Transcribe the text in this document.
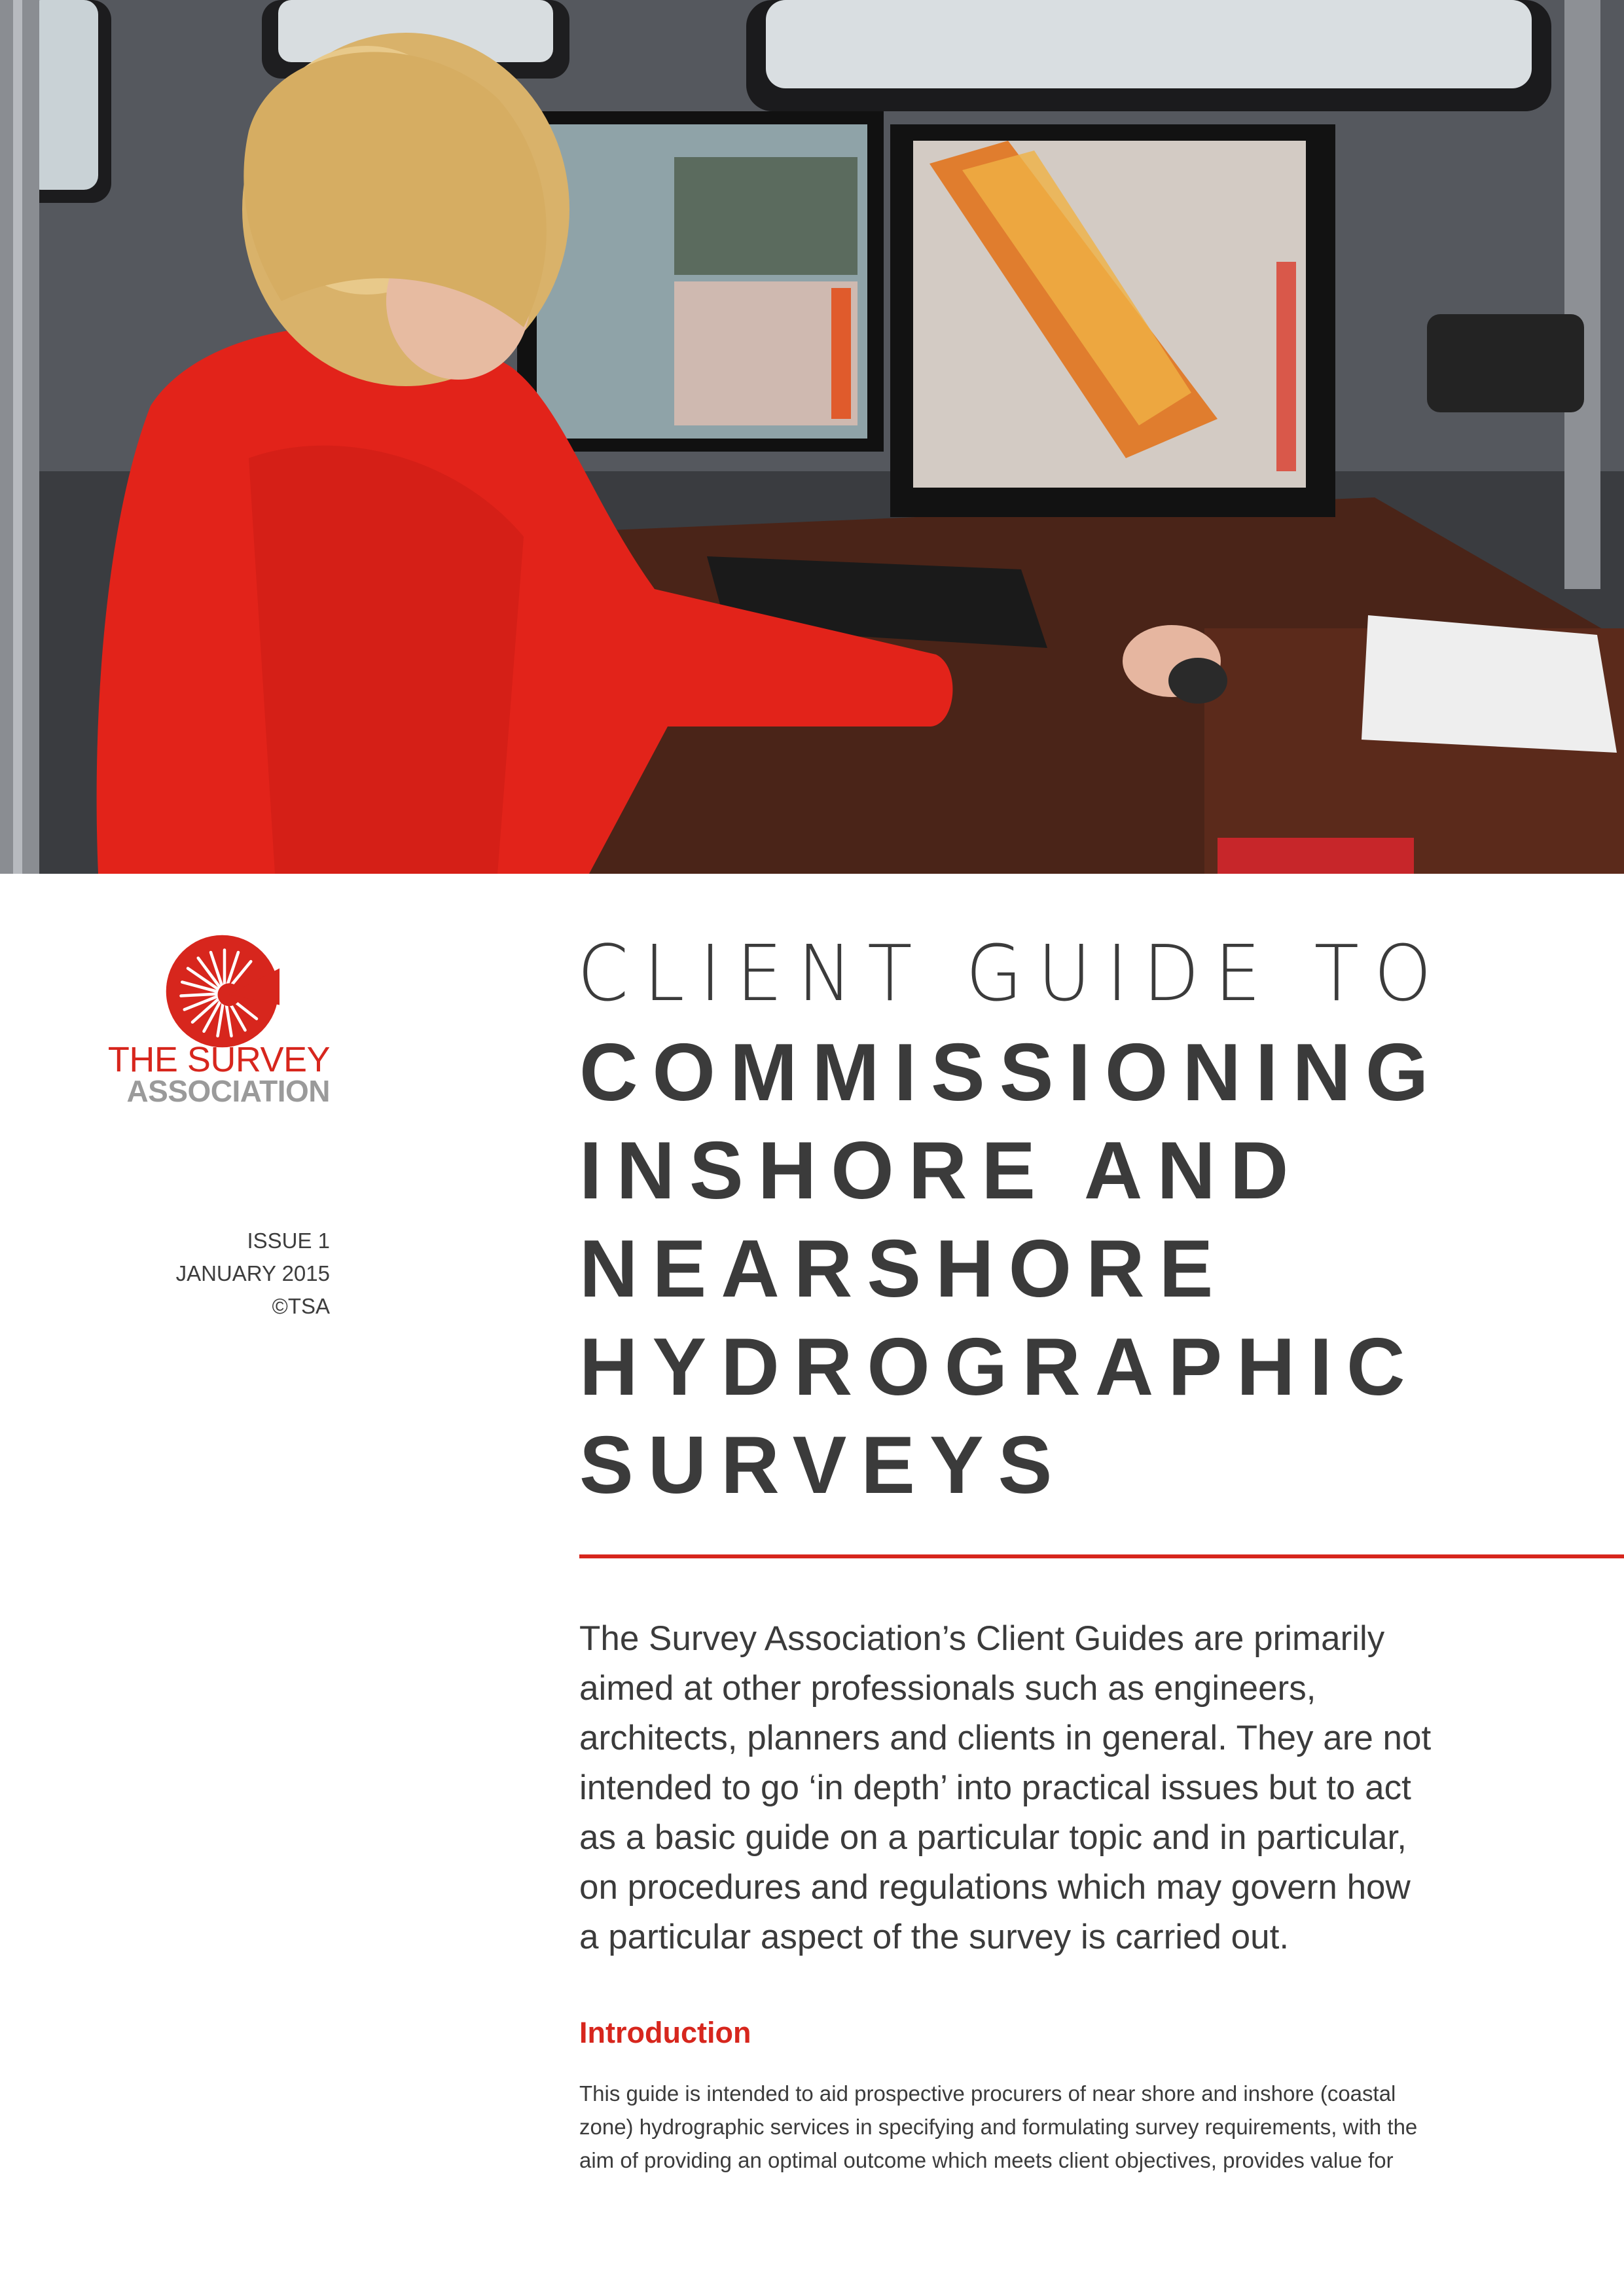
THE SURVEY
ASSOCIATION
ISSUE 1
JANUARY 2015
©TSA
CLIENT GUIDE TO
COMMISSIONING
INSHORE AND
NEARSHORE
HYDROGRAPHIC
SURVEYS
The Survey Association’s Client Guides are primarily
aimed at other professionals such as engineers,
architects, planners and clients in general. They are not
intended to go ‘in depth’ into practical issues but to act
as a basic guide on a particular topic and in particular,
on procedures and regulations which may govern how
a particular aspect of the survey is carried out.
Introduction
This guide is intended to aid prospective procurers of near shore and inshore (coastal
zone) hydrographic services in specifying and formulating survey requirements, with the
aim of providing an optimal outcome which meets client objectives, provides value for
